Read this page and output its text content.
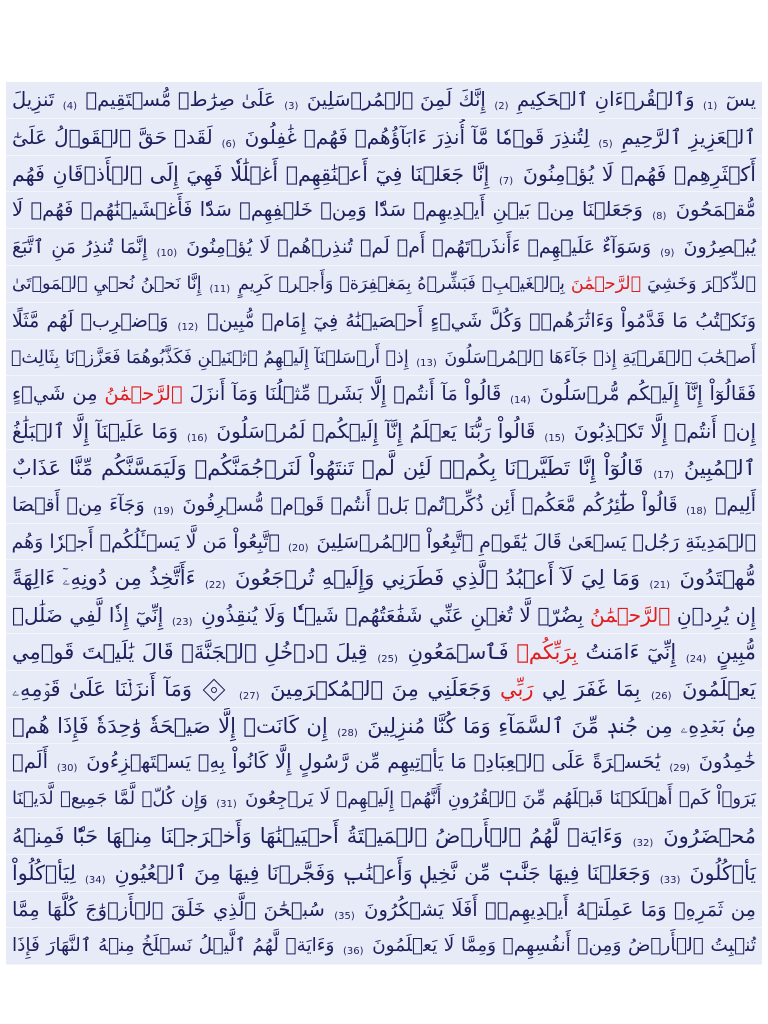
يسٓ (1) وَٱلۡقُرۡءَانِ ٱلۡحَكِيمِ (2) إِنَّكَ لَمِنَ ٱلۡمُرۡسَلِينَ (3) عَلَىٰ صِرَٰطٖ مُّسۡتَقِيمٖ (4) تَنزِيلَ
ٱلۡعَزِيزِ ٱلرَّحِيمِ (5) لِتُنذِرَ قَوۡمٗا مَّآ أُنذِرَ ءَابَآؤُهُمۡ فَهُمۡ غَٰفِلُونَ (6) لَقَدۡ حَقَّ ٱلۡقَوۡلُ عَلَىٰٓ
أَكۡثَرِهِمۡ فَهُمۡ لَا يُؤۡمِنُونَ (7) إِنَّا جَعَلۡنَا فِيٓ أَعۡنَٰقِهِمۡ أَغۡلَٰلٗا فَهِيَ إِلَى ٱلۡأَذۡقَانِ فَهُم
مُّقۡمَحُونَ (8) وَجَعَلۡنَا مِنۢ بَيۡنِ أَيۡدِيهِمۡ سَدّٗا وَمِنۡ خَلۡفِهِمۡ سَدّٗا فَأَغۡشَيۡنَٰهُمۡ فَهُمۡ لَا
يُبۡصِرُونَ (9) وَسَوَآءٌ عَلَيۡهِمۡ ءَأَنذَرۡتَهُمۡ أَمۡ لَمۡ تُنذِرۡهُمۡ لَا يُؤۡمِنُونَ (10) إِنَّمَا تُنذِرُ مَنِ ٱتَّبَعَ
ٱلذِّكۡرَ وَخَشِيَ ٱلرَّحۡمَٰنَ بِٱلۡغَيۡبِۖ فَبَشِّرۡهُ بِمَغۡفِرَةٖ وَأَجۡرٖ كَرِيمٍ (11) إِنَّا نَحۡنُ نُحۡيِ ٱلۡمَوۡتَىٰ
وَنَكۡتُبُ مَا قَدَّمُواْ وَءَاثَٰرَهُمۡۚ وَكُلَّ شَيۡءٍ أَحۡصَيۡنَٰهُ فِيٓ إِمَامٖ مُّبِينٖ (12) وَٱضۡرِبۡ لَهُم مَّثَلًا
أَصۡحَٰبَ ٱلۡقَرۡيَةِ إِذۡ جَآءَهَا ٱلۡمُرۡسَلُونَ (13) إِذۡ أَرۡسَلۡنَآ إِلَيۡهِمُ ٱثۡنَيۡنِ فَكَذَّبُوهُمَا فَعَزَّزۡنَا بِثَالِثٖ
فَقَالُوٓاْ إِنَّآ إِلَيۡكُم مُّرۡسَلُونَ (14) قَالُواْ مَآ أَنتُمۡ إِلَّا بَشَرٞ مِّثۡلُنَا وَمَآ أَنزَلَ ٱلرَّحۡمَٰنُ مِن شَيۡءٍ
إِنۡ أَنتُمۡ إِلَّا تَكۡذِبُونَ (15) قَالُواْ رَبُّنَا يَعۡلَمُ إِنَّآ إِلَيۡكُمۡ لَمُرۡسَلُونَ (16) وَمَا عَلَيۡنَآ إِلَّا ٱلۡبَلَٰغُ
ٱلۡمُبِينُ (17) قَالُوٓاْ إِنَّا تَطَيَّرۡنَا بِكُمۡۖ لَئِن لَّمۡ تَنتَهُواْ لَنَرۡجُمَنَّكُمۡ وَلَيَمَسَّنَّكُم مِّنَّا عَذَابٌ
أَلِيمٞ (18) قَالُواْ طَٰٓئِرُكُم مَّعَكُمۡ أَئِن ذُكِّرۡتُمۚ بَلۡ أَنتُمۡ قَوۡمٞ مُّسۡرِفُونَ (19) وَجَآءَ مِنۡ أَقۡصَا
ٱلۡمَدِينَةِ رَجُلٞ يَسۡعَىٰ قَالَ يَٰقَوۡمِ ٱتَّبِعُواْ ٱلۡمُرۡسَلِينَ (20) ٱتَّبِعُواْ مَن لَّا يَسۡـَٔلُكُمۡ أَجۡرٗا وَهُم
مُّهۡتَدُونَ (21) وَمَا لِيَ لَآ أَعۡبُدُ ٱلَّذِي فَطَرَنِي وَإِلَيۡهِ تُرۡجَعُونَ (22) ءَأَتَّخِذُ مِن دُونِهِۦٓ ءَالِهَةً
إِن يُرِدۡنِ ٱلرَّحۡمَٰنُ بِضُرّٖ لَّا تُغۡنِ عَنِّي شَفَٰعَتُهُمۡ شَيۡـٔٗا وَلَا يُنقِذُونِ (23) إِنِّيٓ إِذٗا لَّفِي ضَلَٰلٖ
مُّبِينٍ (24) إِنِّيٓ ءَامَنتُ بِرَبِّكُمۡ فَٱسۡمَعُونِ (25) قِيلَ ٱدۡخُلِ ٱلۡجَنَّةَۖ قَالَ يَٰلَيۡتَ قَوۡمِي
يَعۡلَمُونَ (26) بِمَا غَفَرَ لِي رَبِّي وَجَعَلَنِي مِنَ ٱلۡمُكۡرَمِينَ (27)  وَمَآ أَنزَلۡنَا عَلَىٰ قَوۡمِهِۦ
مِنۢ بَعۡدِهِۦ مِن جُندٖ مِّنَ ٱلسَّمَآءِ وَمَا كُنَّا مُنزِلِينَ (28) إِن كَانَتۡ إِلَّا صَيۡحَةٗ وَٰحِدَةٗ فَإِذَا هُمۡ
خَٰمِدُونَ (29) يَٰحَسۡرَةً عَلَى ٱلۡعِبَادِۚ مَا يَأۡتِيهِم مِّن رَّسُولٍ إِلَّا كَانُواْ بِهِۦ يَسۡتَهۡزِءُونَ (30) أَلَمۡ
يَرَوۡاْ كَمۡ أَهۡلَكۡنَا قَبۡلَهُم مِّنَ ٱلۡقُرُونِ أَنَّهُمۡ إِلَيۡهِمۡ لَا يَرۡجِعُونَ (31) وَإِن كُلّٞ لَّمَّا جَمِيعٞ لَّدَيۡنَا
مُحۡضَرُونَ (32) وَءَايَةٞ لَّهُمُ ٱلۡأَرۡضُ ٱلۡمَيۡتَةُ أَحۡيَيۡنَٰهَا وَأَخۡرَجۡنَا مِنۡهَا حَبّٗا فَمِنۡهُ
يَأۡكُلُونَ (33) وَجَعَلۡنَا فِيهَا جَنَّٰتٖ مِّن نَّخِيلٖ وَأَعۡنَٰبٖ وَفَجَّرۡنَا فِيهَا مِنَ ٱلۡعُيُونِ (34) لِيَأۡكُلُواْ
مِن ثَمَرِهِۦ وَمَا عَمِلَتۡهُ أَيۡدِيهِمۡۚ أَفَلَا يَشۡكُرُونَ (35) سُبۡحَٰنَ ٱلَّذِي خَلَقَ ٱلۡأَزۡوَٰجَ كُلَّهَا مِمَّا
تُنۢبِتُ ٱلۡأَرۡضُ وَمِنۡ أَنفُسِهِمۡ وَمِمَّا لَا يَعۡلَمُونَ (36) وَءَايَةٞ لَّهُمُ ٱلَّيۡلُ نَسۡلَخُ مِنۡهُ ٱلنَّهَارَ فَإِذَا
